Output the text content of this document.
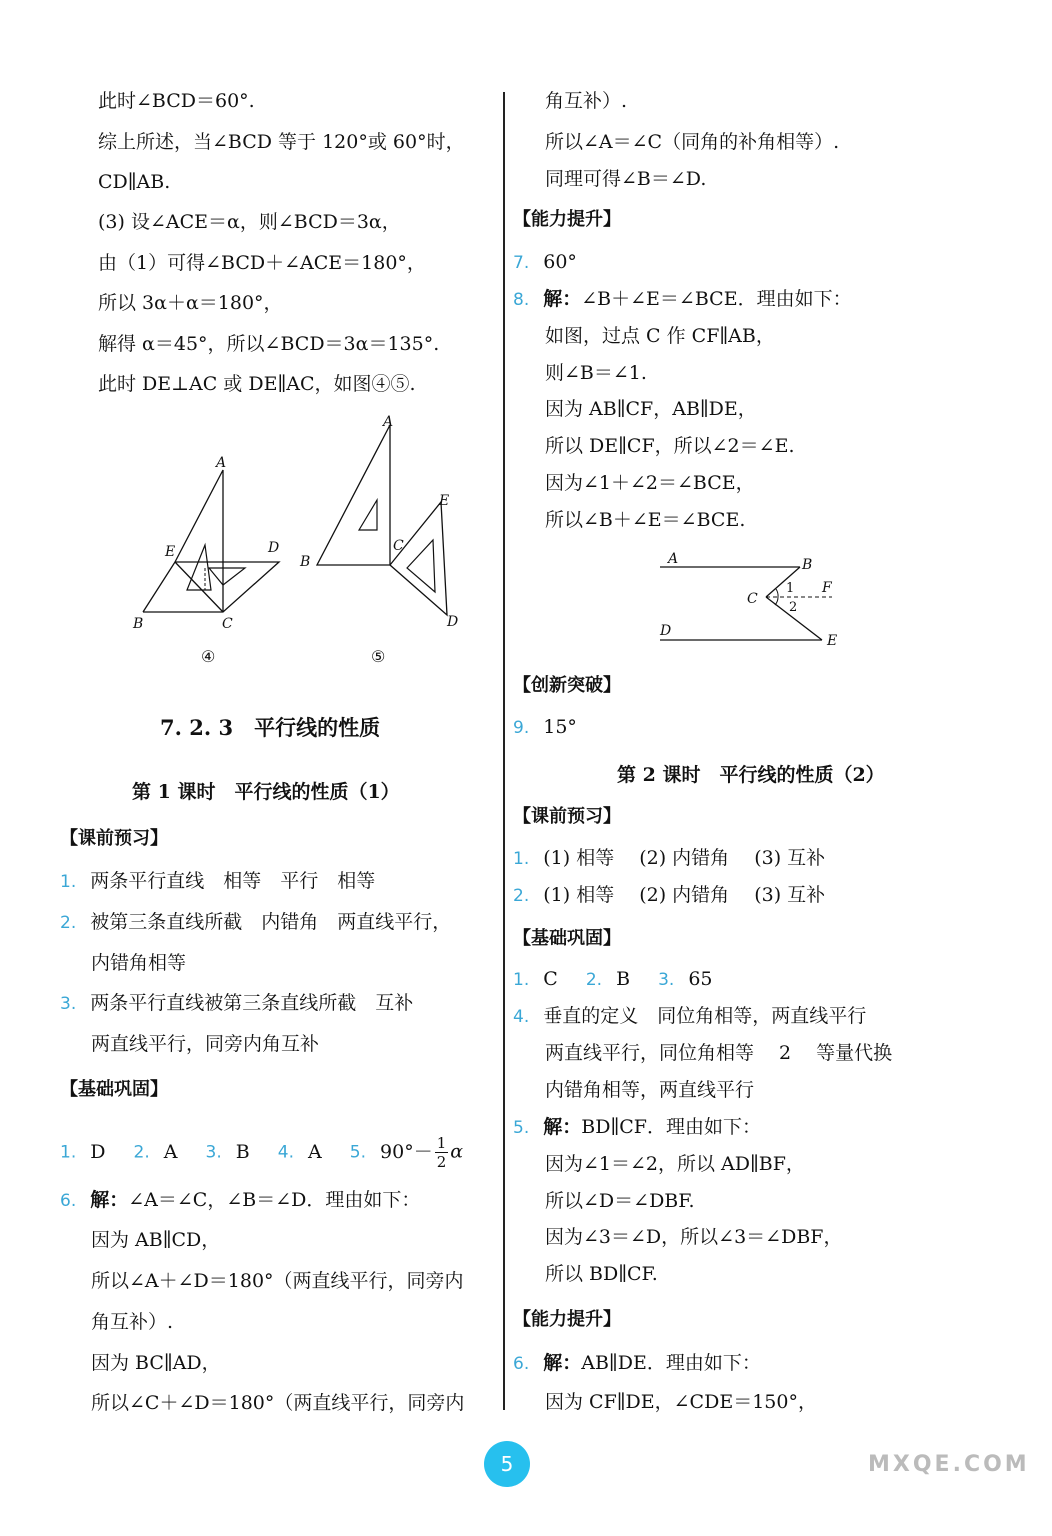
此时∠BCD＝60°.
综上所述，当∠BCD 等于 120°或 60°时，
CD∥AB.
(3) 设∠ACE＝α，则∠BCD＝3α，
由（1）可得∠BCD＋∠ACE＝180°，
所以 3α＋α＝180°，
解得 α＝45°，所以∠BCD＝3α＝135°.
此时 DE⊥AC 或 DE∥AC，如图④⑤.
A
E	D
B	C
④
A
B
C
E
D
⑤
7. 2. 3　平行线的性质
第 1 课时　平行线的性质（1）
【课前预习】
1. 两条平行直线　相等　平行　相等
2. 被第三条直线所截　内错角　两直线平行，
内错角相等
3. 两条平行直线被第三条直线所截　互补
两直线平行，同旁内角互补
【基础巩固】
1. D 2. A 3. B 4. A 5. $90^\circ- \frac{1}{2}$ α
6. 解：∠A＝∠C，∠B＝∠D．理由如下：
因为 AB∥CD，
所以∠A＋∠D＝180°（两直线平行，同旁内
角互补）.
因为 BC∥AD，
所以∠C＋∠D＝180°（两直线平行，同旁内
角互补）.
所以∠A＝∠C（同角的补角相等）.
同理可得∠B＝∠D.
【能力提升】
7. 60°
8. 解：∠B＋∠E＝∠BCE．理由如下：
如图，过点 C 作 CF∥AB，
则∠B＝∠1.
因为 AB∥CF，AB∥DE，
所以 DE∥CF，所以∠2＝∠E.
因为∠1＋∠2＝∠BCE，
所以∠B＋∠E＝∠BCE.
A	B
C
F
D
E
1
2
【创新突破】
9. 15°
第 2 课时　平行线的性质（2）
【课前预习】
1. (1) 相等　 (2) 内错角　 (3) 互补
2. (1) 相等　 (2) 内错角　 (3) 互补
【基础巩固】
1. C 2. B 3. 65
4. 垂直的定义　同位角相等，两直线平行
两直线平行，同位角相等　 2　 等量代换
内错角相等，两直线平行
5. 解：BD∥CF．理由如下：
因为∠1＝∠2，所以 AD∥BF，
所以∠D＝∠DBF.
因为∠3＝∠D，所以∠3＝∠DBF，
所以 BD∥CF.
【能力提升】
6. 解：AB∥DE．理由如下：
因为 CF∥DE，∠CDE＝150°，
5	MXQE.COM
